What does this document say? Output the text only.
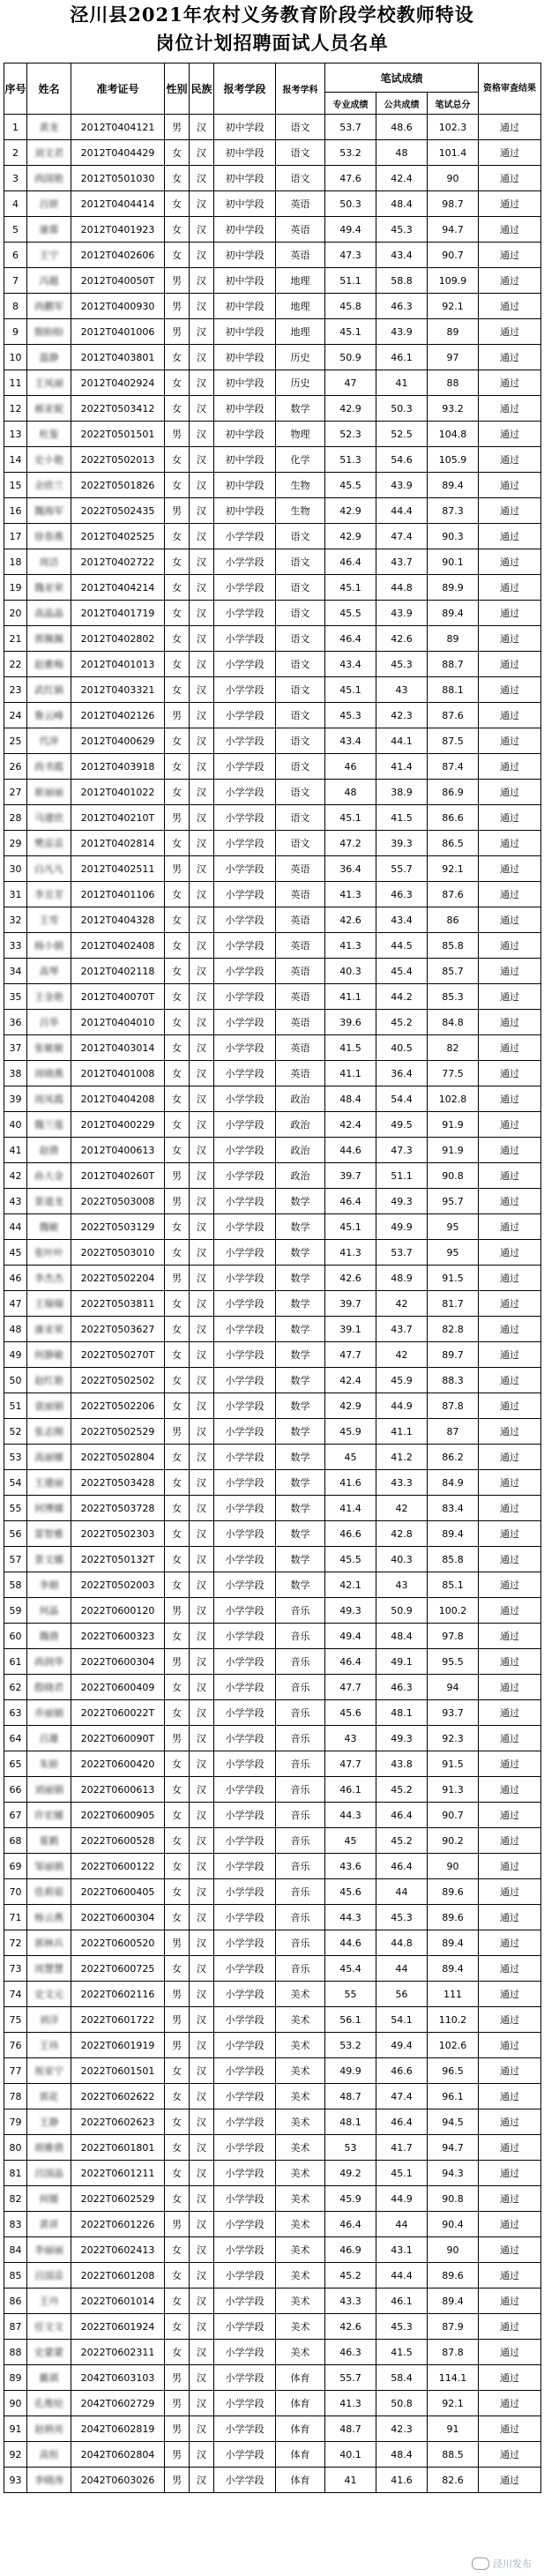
泾川县2021年农村义务教育阶段学校教师特设
岗位计划招聘面试人员名单
序号	姓名	准考证号	性别	民族	报考学段	报考学科	笔试成绩			资格审查结果
							专业成绩	公共成绩	笔试总分	
1	黄龙	2012T0404121	男	汉	初中学段	语文	53.7	48.6	102.3	通过
2	刘文君	2012T0404429	女	汉	初中学段	语文	53.2	48	101.4	通过
3	尚国艳	2012T0501030	女	汉	初中学段	语文	47.6	42.4	90	通过
4	吕妍	2012T0404414	女	汉	初中学段	英语	50.3	48.4	98.7	通过
5	康蓉	2012T0401923	女	汉	初中学段	英语	49.4	45.3	94.7	通过
6	王宁	2012T0402606	女	汉	初中学段	英语	47.3	43.4	90.7	通过
7	冯越	2012T040050T	男	汉	初中学段	地理	51.1	58.8	109.9	通过
8	尚鹏军	2012T0400930	男	汉	初中学段	地理	45.8	46.3	92.1	通过
9	脱盼盼	2012T0401006	男	汉	初中学段	地理	45.1	43.9	89	通过
10	温静	2012T0403801	女	汉	初中学段	历史	50.9	46.1	97	通过
11	王凤丽	2012T0402924	女	汉	初中学段	历史	47	41	88	通过
12	郝亚妮	2022T0503412	女	汉	初中学段	数学	42.9	50.3	93.2	通过
13	杜鉴	2022T0501501	男	汉	初中学段	物理	52.3	52.5	104.8	通过
14	史小艳	2022T0502013	女	汉	初中学段	化学	51.3	54.6	105.9	通过
15	余欣兰	2022T0501826	女	汉	初中学段	生物	45.5	43.9	89.4	通过
16	魏海军	2022T0502435	男	汉	初中学段	生物	42.9	44.4	87.3	通过
17	徐春燕	2012T0402525	女	汉	小学学段	语文	42.9	47.4	90.3	通过
18	周洁	2012T0402722	女	汉	小学学段	语文	46.4	43.7	90.1	通过
19	魏亚荣	2012T0404214	女	汉	小学学段	语文	45.1	44.8	89.9	通过
20	高晶晶	2012T0401719	女	汉	小学学段	语文	45.5	43.9	89.4	通过
21	郭佩佩	2012T0402802	女	汉	小学学段	语文	46.4	42.6	89	通过
22	赵雅梅	2012T0401013	女	汉	小学学段	语文	43.4	45.3	88.7	通过
23	武红娟	2012T0403321	女	汉	小学学段	语文	45.1	43	88.1	通过
24	鲁云峰	2012T0402126	男	汉	小学学段	语文	45.3	42.3	87.6	通过
25	代萍	2012T0400629	女	汉	小学学段	语文	43.4	44.1	87.5	通过
26	尚书霞	2012T0403918	女	汉	小学学段	语文	46	41.4	87.4	通过
27	崔丽丽	2012T0401022	女	汉	小学学段	语文	48	38.9	86.9	通过
28	马建欣	2012T040210T	男	汉	小学学段	语文	45.1	41.5	86.6	通过
29	樊苗苗	2012T0402814	女	汉	小学学段	语文	47.2	39.3	86.5	通过
30	白凡凡	2012T0402511	男	汉	小学学段	英语	36.4	55.7	92.1	通过
31	李丑芳	2012T0401106	女	汉	小学学段	英语	41.3	46.3	87.6	通过
32	王雪	2012T0404328	女	汉	小学学段	英语	42.6	43.4	86	通过
33	杨小娟	2012T0402408	女	汉	小学学段	英语	41.3	44.5	85.8	通过
34	高琴	2012T0402118	女	汉	小学学段	英语	40.3	45.4	85.7	通过
35	王金艳	2012T040070T	女	汉	小学学段	英语	41.1	44.2	85.3	通过
36	吕华	2012T0404010	女	汉	小学学段	英语	39.6	45.2	84.8	通过
37	张敏敏	2012T0403014	女	汉	小学学段	英语	41.5	40.5	82	通过
38	周晓燕	2012T0401008	女	汉	小学学段	英语	41.1	36.4	77.5	通过
39	周凤霞	2012T0404208	女	汉	小学学段	政治	48.4	54.4	102.8	通过
40	魏兰莲	2012T0400229	女	汉	小学学段	政治	42.4	49.5	91.9	通过
41	赵倩	2012T0400613	女	汉	小学学段	政治	44.6	47.3	91.9	通过
42	孙大金	2012T040260T	男	汉	小学学段	政治	39.7	51.1	90.8	通过
43	景道龙	2022T0503008	男	汉	小学学段	数学	46.4	49.3	95.7	通过
44	魏敏	2022T0503129	女	汉	小学学段	数学	45.1	49.9	95	通过
45	张叶叶	2022T0503010	女	汉	小学学段	数学	41.3	53.7	95	通过
46	李杰杰	2022T0502204	男	汉	小学学段	数学	42.6	48.9	91.5	通过
47	王瑞瑞	2022T0503811	女	汉	小学学段	数学	39.7	42	81.7	通过
48	康亚荣	2022T0503627	女	汉	小学学段	数学	39.1	43.7	82.8	通过
49	何静敏	2022T050270T	女	汉	小学学段	数学	47.7	42	89.7	通过
50	赵红艳	2022T0502502	女	汉	小学学段	数学	42.4	45.9	88.3	通过
51	袁丽娟	2022T0502206	女	汉	小学学段	数学	42.9	44.9	87.8	通过
52	张志刚	2022T0502529	男	汉	小学学段	数学	45.9	41.1	87	通过
53	高丽娜	2022T0502804	女	汉	小学学段	数学	45	41.2	86.2	通过
54	王建丽	2022T0503428	女	汉	小学学段	数学	41.6	43.3	84.9	通过
55	何博娜	2022T0503728	女	汉	小学学段	数学	41.4	42	83.4	通过
56	雷智雅	2022T0502303	女	汉	小学学段	数学	46.6	42.8	89.4	通过
57	景文娜	2022T050132T	女	汉	小学学段	数学	45.5	40.3	85.8	通过
58	李娟	2022T0502003	女	汉	小学学段	数学	42.1	43	85.1	通过
59	何晶	2022T0600120	男	汉	小学学段	音乐	49.3	50.9	100.2	通过
60	魏倩	2022T0600323	女	汉	小学学段	音乐	49.4	48.4	97.8	通过
61	尚润华	2022T0600304	男	汉	小学学段	音乐	46.4	49.1	95.5	通过
62	殷晓君	2022T0600409	女	汉	小学学段	音乐	47.7	46.3	94	通过
63	乔丽娟	2022T060022T	女	汉	小学学段	音乐	45.6	48.1	93.7	通过
64	吕雄	2022T060090T	男	汉	小学学段	音乐	43	49.3	92.3	通过
65	朱娇	2022T0600420	女	汉	小学学段	音乐	47.7	43.8	91.5	通过
66	刘丽娟	2022T0600613	女	汉	小学学段	音乐	46.1	45.2	91.3	通过
67	许宏娜	2022T0600905	女	汉	小学学段	音乐	44.3	46.4	90.7	通过
68	夏鹤	2022T0600528	女	汉	小学学段	音乐	45	45.2	90.2	通过
69	邹丽娟	2022T0600122	女	汉	小学学段	音乐	43.6	46.4	90	通过
70	佳莉茹	2022T0600405	女	汉	小学学段	音乐	45.6	44	89.6	通过
71	杨云燕	2022T0600304	女	汉	小学学段	音乐	44.3	45.3	89.6	通过
72	郭林兵	2022T0600520	男	汉	小学学段	音乐	44.6	44.8	89.4	通过
73	周慧慧	2022T0600725	女	汉	小学学段	音乐	45.4	44	89.4	通过
74	史文元	2022T0602116	男	汉	小学学段	美术	55	56	111	通过
75	刘洋	2022T0601722	男	汉	小学学段	美术	56.1	54.1	110.2	通过
76	王祎	2022T0601919	男	汉	小学学段	美术	53.2	49.4	102.6	通过
77	祝亚宁	2022T0601501	女	汉	小学学段	美术	49.9	46.6	96.5	通过
78	郭花	2022T0602622	女	汉	小学学段	美术	48.7	47.4	96.1	通过
79	王静	2022T0602623	女	汉	小学学段	美术	48.1	46.4	94.5	通过
80	胡雅倩	2022T0601801	女	汉	小学学段	美术	53	41.7	94.7	通过
81	吕国晶	2022T0601211	女	汉	小学学段	美术	49.2	45.1	94.3	通过
82	何媛	2022T0602529	女	汉	小学学段	美术	45.9	44.9	90.8	通过
83	黄祥	2022T0601226	男	汉	小学学段	美术	46.4	44	90.4	通过
84	李丽丽	2022T0602413	女	汉	小学学段	美术	46.9	43.1	90	通过
85	吕国苗	2022T0601208	女	汉	小学学段	美术	45.2	44.4	89.6	通过
86	王丹	2022T0601014	女	汉	小学学段	美术	43.3	46.1	89.4	通过
87	任文文	2022T0601924	女	汉	小学学段	美术	42.6	45.3	87.9	通过
88	史蒙蒙	2022T0602311	女	汉	小学学段	美术	46.3	41.5	87.8	通过
89	戴祺	2042T0603103	男	汉	小学学段	体育	55.7	58.4	114.1	通过
90	孔维纶	2042T0602729	男	汉	小学学段	体育	41.3	50.8	92.1	通过
91	赵炳亮	2042T0602819	男	汉	小学学段	体育	48.7	42.3	91	通过
92	高恒	2042T0602804	男	汉	小学学段	体育	40.1	48.4	88.5	通过
93	李晓涛	2042T0603026	男	汉	小学学段	体育	41	41.6	82.6	通过
泾川发布
